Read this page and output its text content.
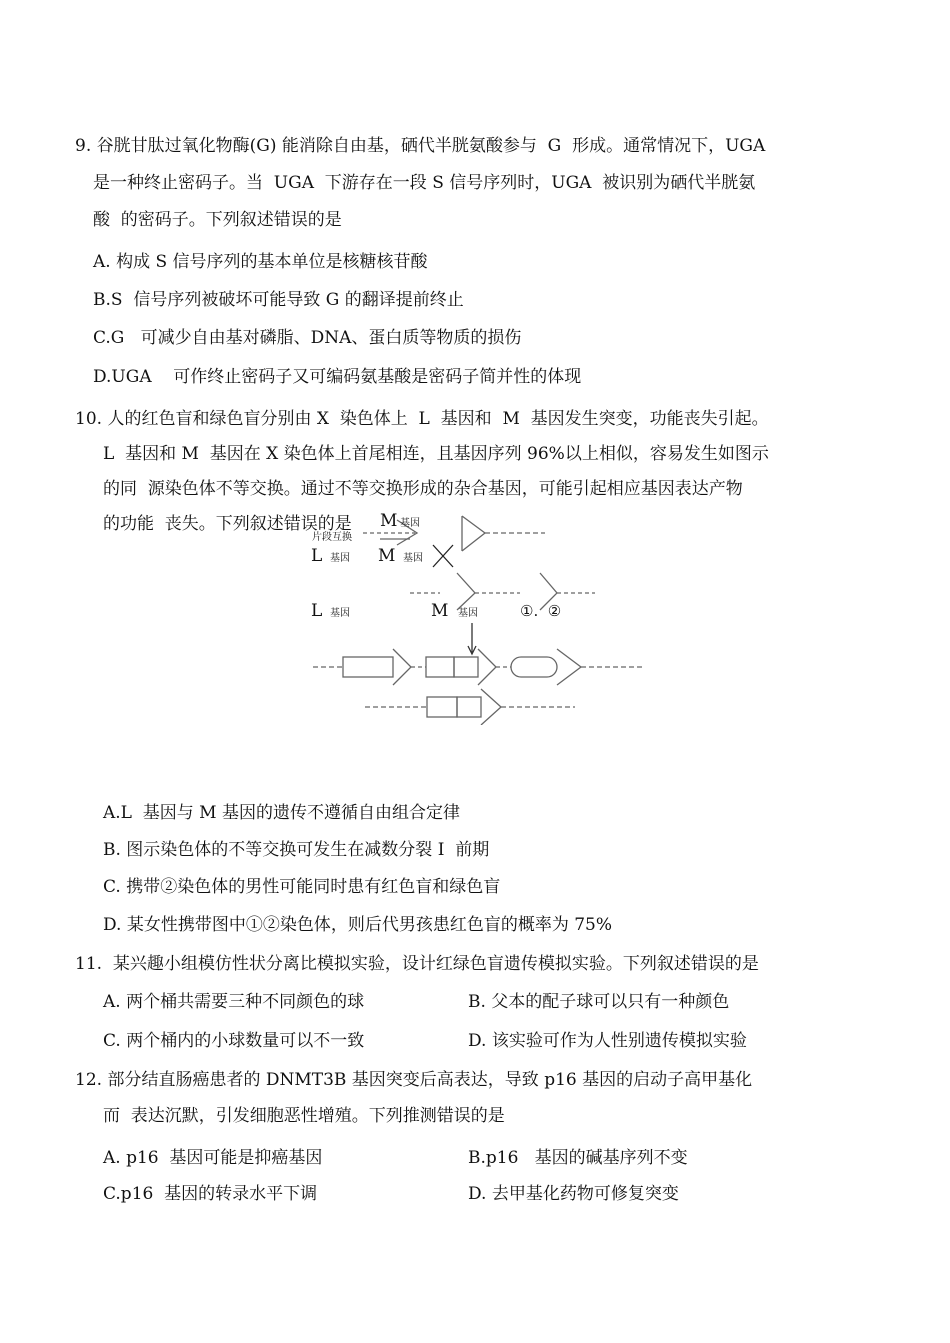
9. 谷胱甘肽过氧化物酶(G) 能消除自由基，硒代半胱氨酸参与  G  形成。通常情况下，UGA
是一种终止密码子。当  UGA  下游存在一段 S 信号序列时，UGA  被识别为硒代半胱氨
酸  的密码子。下列叙述错误的是
A. 构成 S 信号序列的基本单位是核糖核苷酸
B.S  信号序列被破坏可能导致 G 的翻译提前终止
C.G   可减少自由基对磷脂、DNA、蛋白质等物质的损伤
D.UGA    可作终止密码子又可编码氨基酸是密码子简并性的体现
10. 人的红色盲和绿色盲分别由 X  染色体上  L  基因和  M  基因发生突变，功能丧失引起。
L  基因和 M  基因在 X 染色体上首尾相连，且基因序列 96%以上相似，容易发生如图示
的同  源染色体不等交换。通过不等交换形成的杂合基因，可能引起相应基因表达产物
的功能  丧失。下列叙述错误的是 M 基因
片段互换
L 基因 M 基因
L 基因	M 基因	①.  ②
A.L  基因与 M 基因的遗传不遵循自由组合定律
B. 图示染色体的不等交换可发生在减数分裂 I  前期
C. 携带②染色体的男性可能同时患有红色盲和绿色盲
D. 某女性携带图中①②染色体，则后代男孩患红色盲的概率为 75%
11.  某兴趣小组模仿性状分离比模拟实验，设计红绿色盲遗传模拟实验。下列叙述错误的是
A. 两个桶共需要三种不同颜色的球	B. 父本的配子球可以只有一种颜色
C. 两个桶内的小球数量可以不一致	D. 该实验可作为人性别遗传模拟实验
12. 部分结直肠癌患者的 DNMT3B 基因突变后高表达，导致 p16 基因的启动子高甲基化
而  表达沉默，引发细胞恶性增殖。下列推测错误的是
A. p16  基因可能是抑癌基因	B.p16   基因的碱基序列不变
C.p16  基因的转录水平下调	D. 去甲基化药物可修复突变
